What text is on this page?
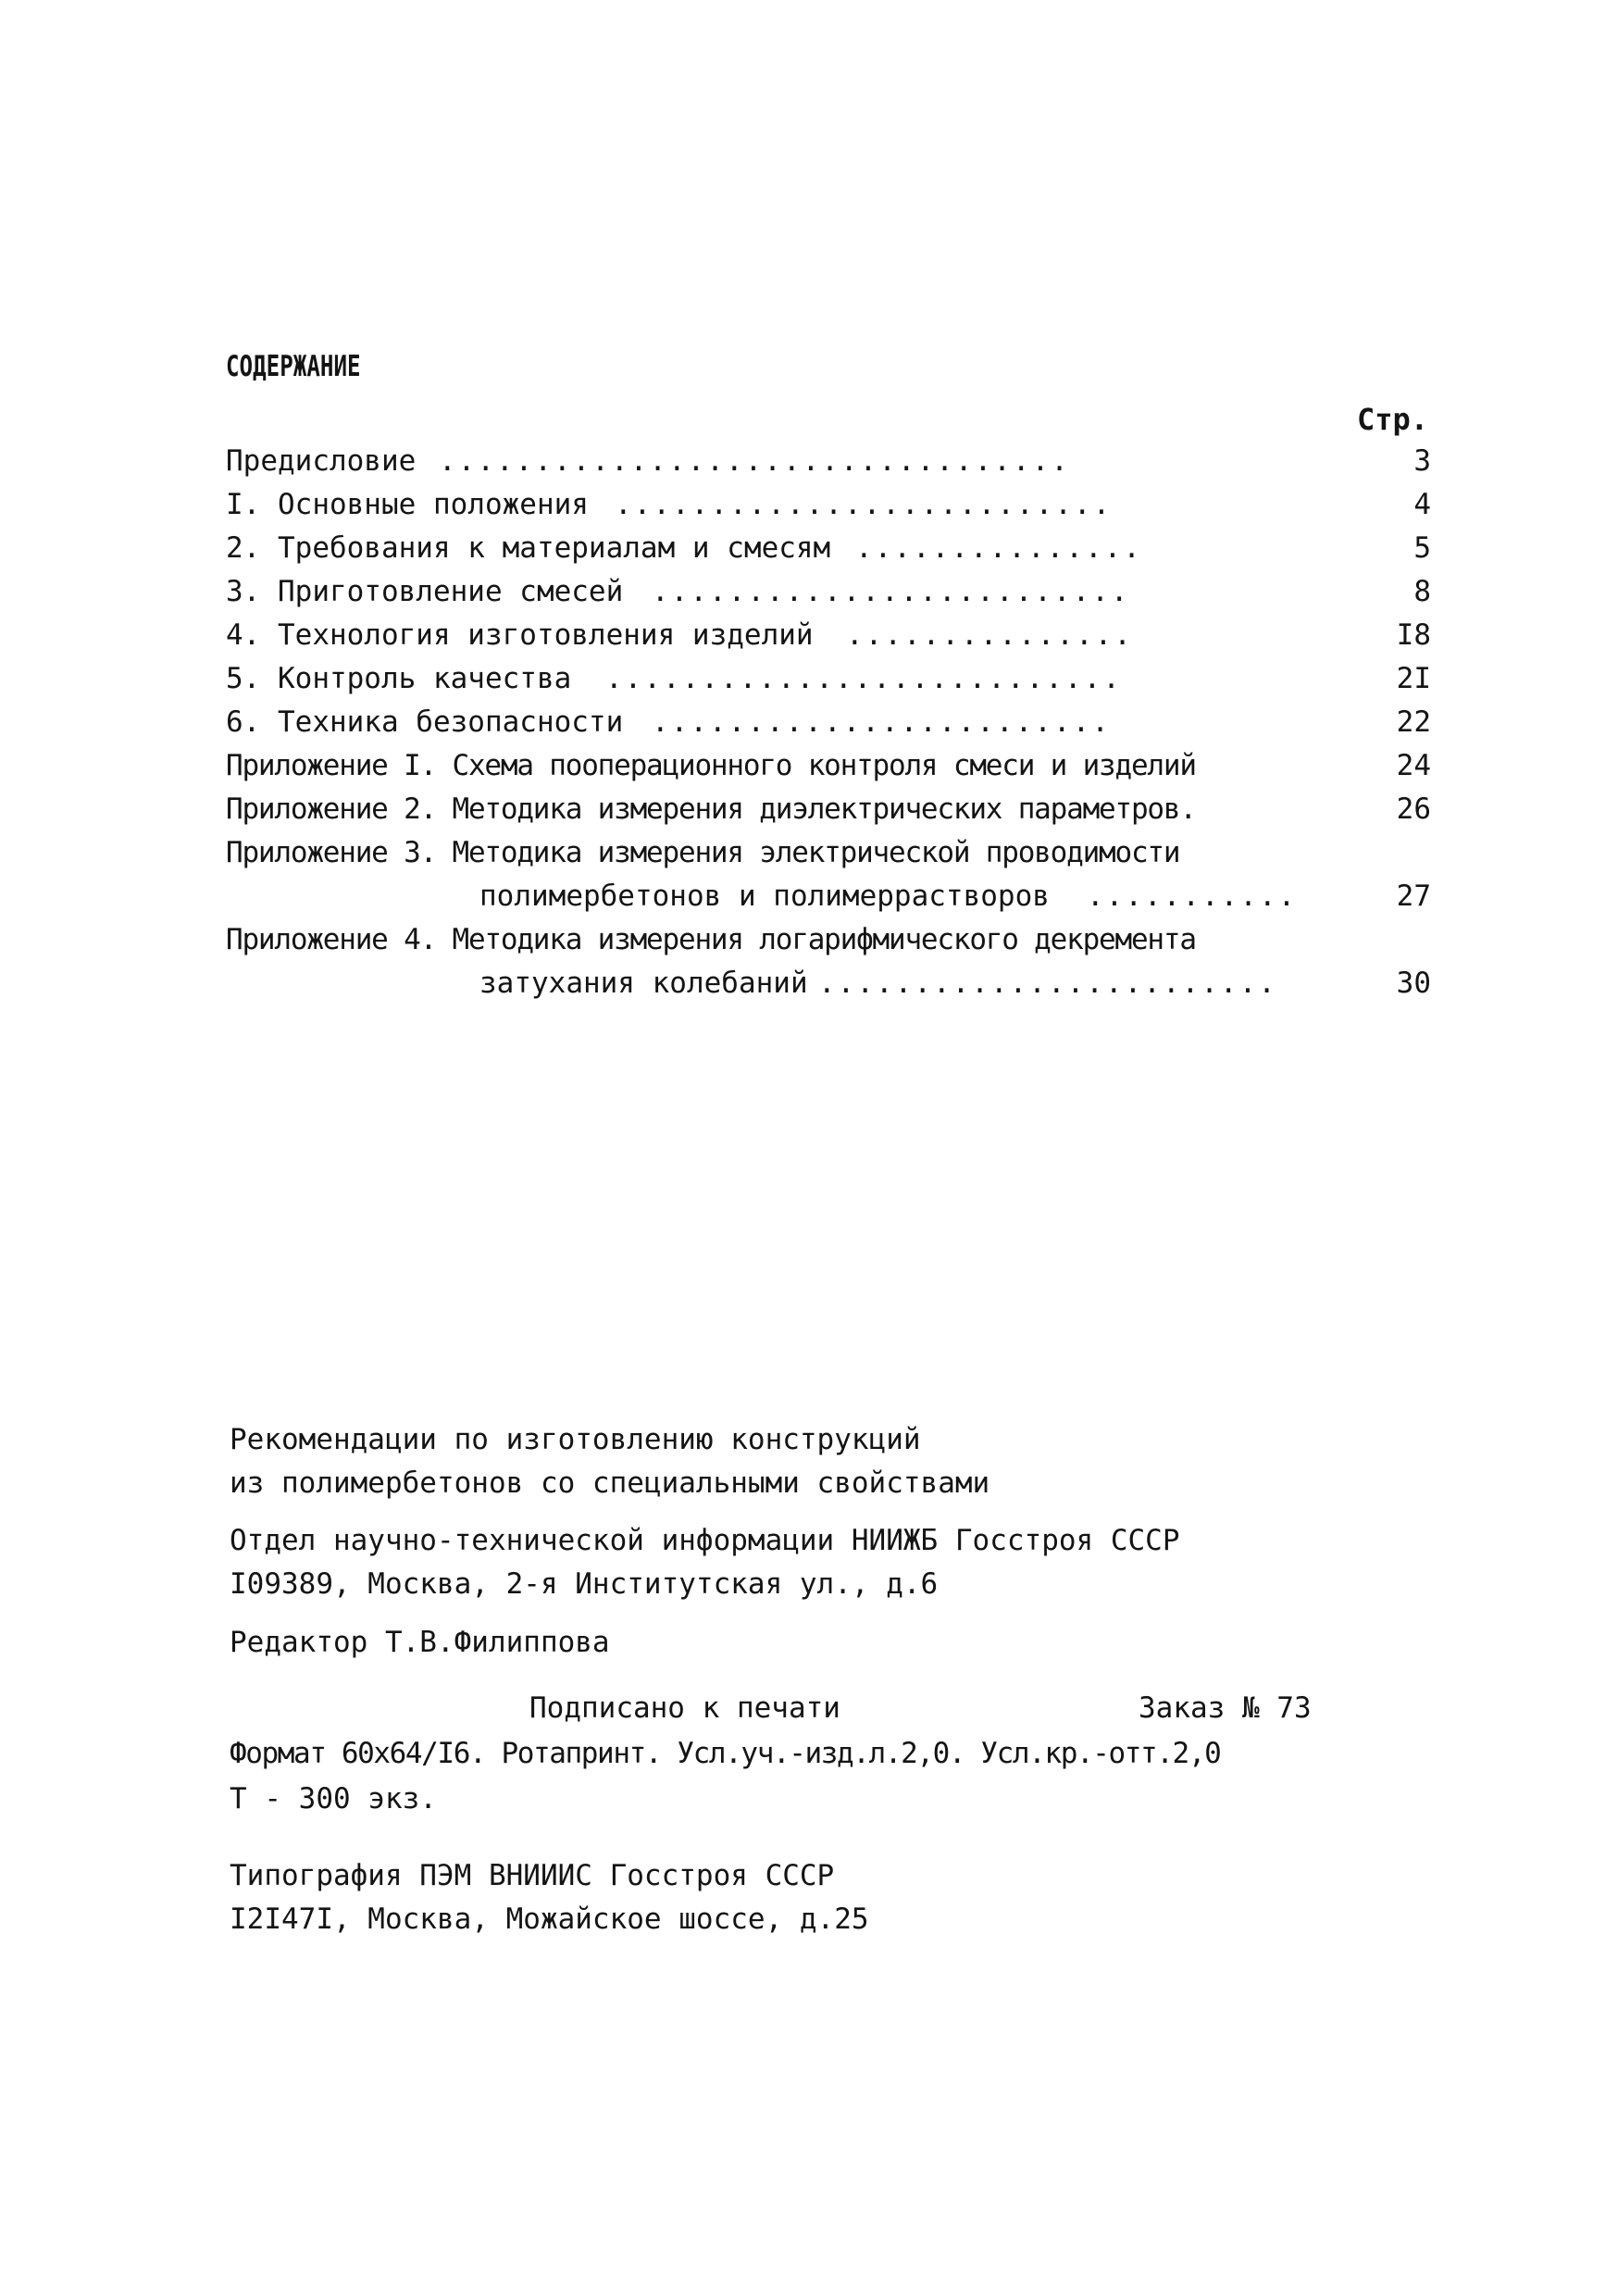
СОДЕРЖАНИЕ
Стр.
Предисловие .................................	3
I. Основные положения ..........................	4
2. Требования к материалам и смесям ...............	5
3. Приготовление смесей .........................	8
4. Технология изготовления изделий ...............	I8
5. Контроль качества ...........................	2I
6. Техника безопасности ........................	22
Приложение I. Схема пооперационного контроля смеси и изделий	24
Приложение 2. Методика измерения диэлектрических параметров.	26
Приложение 3. Методика измерения электрической проводимости
полимербетонов и полимеррастворов ...........	27
Приложение 4. Методика измерения логарифмического декремента
затухания колебаний ........................	30
Рекомендации по изготовлению конструкций
из полимербетонов со специальными свойствами
Отдел научно-технической информации НИИЖБ Госстроя СССР
I09389, Москва, 2-я Институтская ул., д.6
Редактор Т.В.Филиппова
Подписано к печати	Заказ № 73
Формат 60х64/I6. Ротапринт. Усл.уч.-изд.л.2,0. Усл.кр.-отт.2,0
Т - 300 экз.
Типография ПЭМ ВНИИИС Госстроя СССР
I2I47I, Москва, Можайское шоссе, д.25
